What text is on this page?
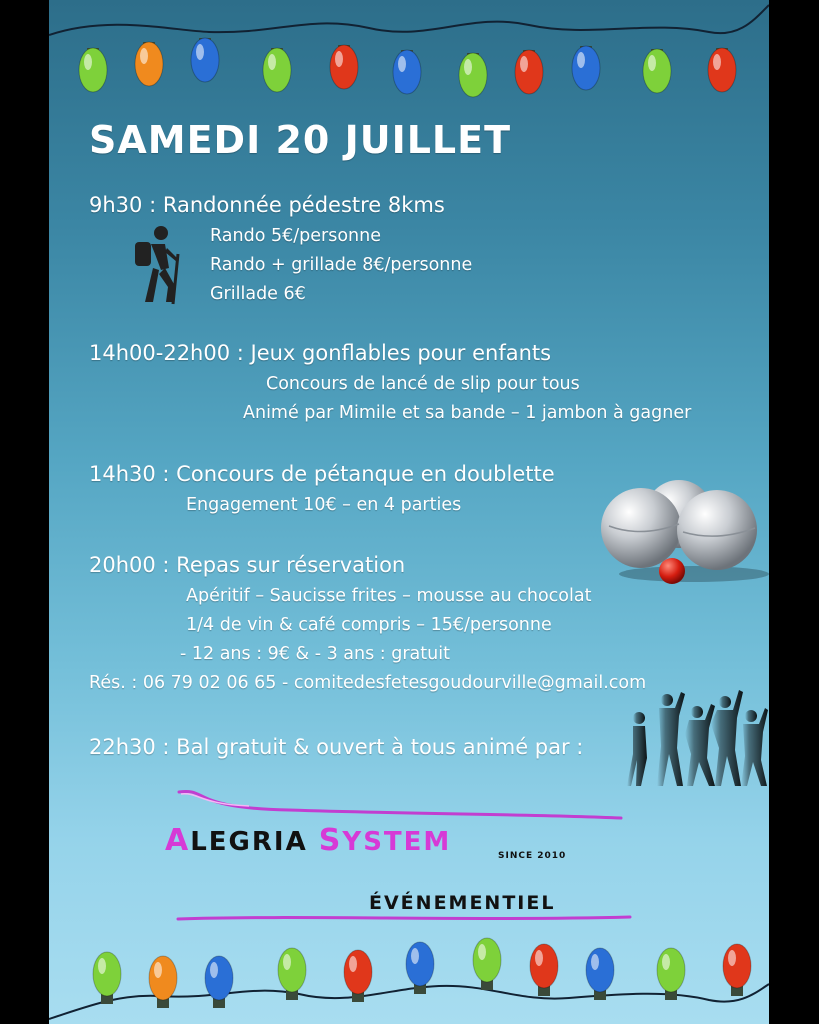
SAMEDI 20 JUILLET
9h30 : Randonnée pédestre 8kms
Rando 5€/personne
Rando + grillade 8€/personne
Grillade 6€
14h00-22h00 : Jeux gonflables pour enfants
Concours de lancé de slip pour tous
Animé par Mimile et sa bande – 1 jambon à gagner
14h30 : Concours de pétanque en doublette
Engagement 10€ – en 4 parties
20h00 : Repas sur réservation
Apéritif – Saucisse frites – mousse au chocolat
1/4 de vin & café compris – 15€/personne
- 12 ans : 9€ & - 3 ans : gratuit
Rés. : 06 79 02 06 65 - comitedesfetesgoudourville@gmail.com
22h30 : Bal gratuit & ouvert à tous animé par :
ALEGRIA SYSTEM	SINCE 2010
ÉVÉNEMENTIEL
